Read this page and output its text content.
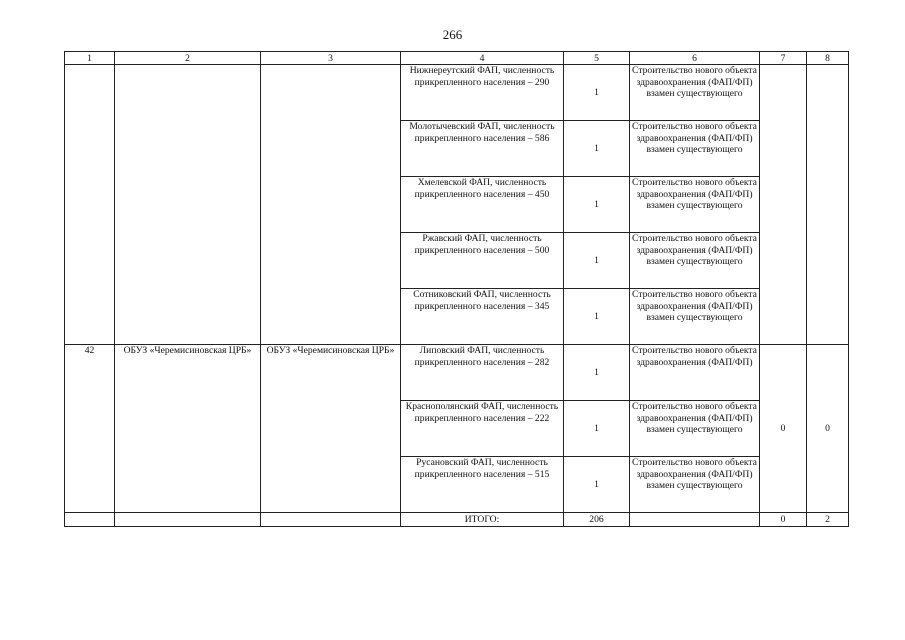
266
1	2	3	4	5	6	7	8
			Нижнереутский ФАП, численность прикрепленного населения – 290	1	Строительство нового объекта здравоохранения (ФАП/ФП) взамен существующего		
			Молотычевский ФАП, численность прикрепленного населения – 586	1	Строительство нового объекта здравоохранения (ФАП/ФП) взамен существующего		
			Хмелевской ФАП, численность прикрепленного населения – 450	1	Строительство нового объекта здравоохранения (ФАП/ФП) взамен существующего		
			Ржавский ФАП, численность прикрепленного населения – 500	1	Строительство нового объекта здравоохранения (ФАП/ФП) взамен существующего		
			Сотниковский ФАП, численность прикрепленного населения – 345	1	Строительство нового объекта здравоохранения (ФАП/ФП) взамен существующего		
42	ОБУЗ «Черемисиновская ЦРБ»	ОБУЗ «Черемисиновская ЦРБ»	Липовский ФАП, численность прикрепленного населения – 282	1	Строительство нового объекта здравоохранения (ФАП/ФП)	0	0
			Краснополянский ФАП, численность прикрепленного населения – 222	1	Строительство нового объекта здравоохранения (ФАП/ФП) взамен существующего		
			Русановский ФАП, численность прикрепленного населения – 515	1	Строительство нового объекта здравоохранения (ФАП/ФП) взамен существующего		
			ИТОГО:	206		0	2
